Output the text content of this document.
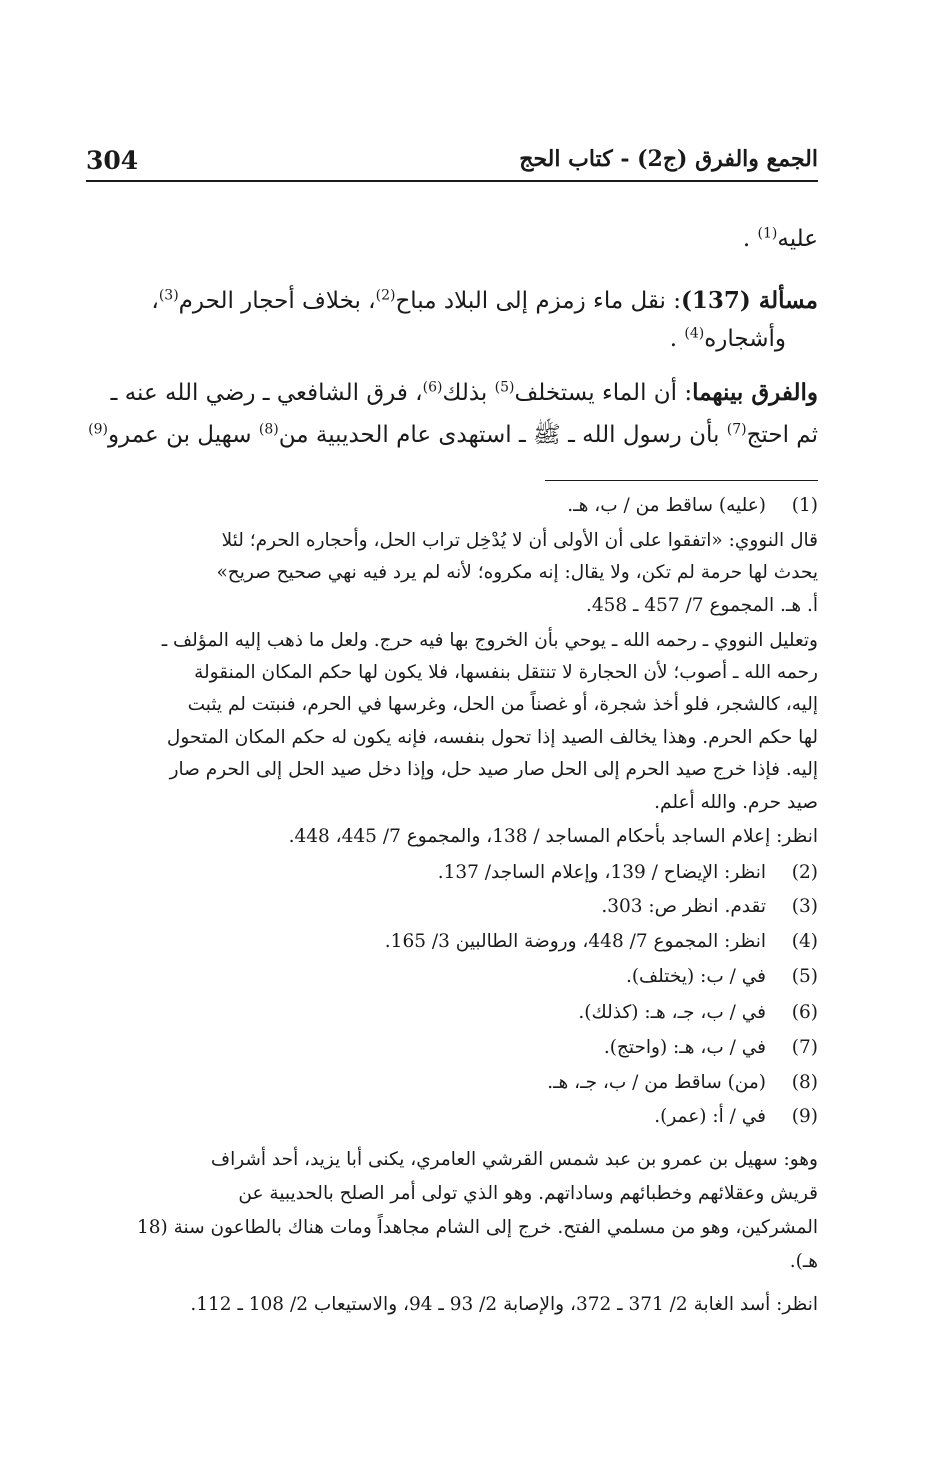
304	الجمع والفرق (ج2) - كتاب الحج
عليه$^{(1)}$ .
مسألة (137): نقل ماء زمزم إلى البلاد مباح$^{(2)}$، بخلاف أحجار الحرم$^{(3)}$،
وأشجاره$^{(4)}$ .
والفرق بينهما: أن الماء يستخلف$^{(5)}$ بذلك$^{(6)}$، فرق الشافعي ـ رضي الله عنه ـ
ثم احتج$^{(7)}$ بأن رسول الله ـ ﷺ ـ استهدى عام الحديبية من$^{(8)}$ سهيل بن عمرو$^{(9)}$
(1)
(عليه) ساقط من / ب، هـ.
قال النووي: «اتفقوا على أن الأولى أن لا يُدْخِل تراب الحل، وأحجاره الحرم؛ لئلا
يحدث لها حرمة لم تكن، ولا يقال: إنه مكروه؛ لأنه لم يرد فيه نهي صحيح صريح»
أ. هـ. المجموع 7/ 457 ـ 458.
وتعليل النووي ـ رحمه الله ـ يوحي بأن الخروج بها فيه حرج. ولعل ما ذهب إليه المؤلف ـ
رحمه الله ـ أصوب؛ لأن الحجارة لا تنتقل بنفسها، فلا يكون لها حكم المكان المنقولة
إليه، كالشجر، فلو أخذ شجرة، أو غصناً من الحل، وغرسها في الحرم، فنبتت لم يثبت
لها حكم الحرم. وهذا يخالف الصيد إذا تحول بنفسه، فإنه يكون له حكم المكان المتحول
إليه. فإذا خرج صيد الحرم إلى الحل صار صيد حل، وإذا دخل صيد الحل إلى الحرم صار
صيد حرم. والله أعلم.
انظر: إعلام الساجد بأحكام المساجد / 138، والمجموع 7/ 445، 448.
(2)
انظر: الإيضاح / 139، وإعلام الساجد/ 137.
(3)
تقدم. انظر ص: 303.
(4)
انظر: المجموع 7/ 448، وروضة الطالبين 3/ 165.
(5)
في / ب: (يختلف).
(6)
في / ب، جـ، هـ: (كذلك).
(7)
في / ب، هـ: (واحتج).
(8)
(من) ساقط من / ب، جـ، هـ.
(9)
في / أ: (عمر).
وهو: سهيل بن عمرو بن عبد شمس القرشي العامري، يكنى أبا يزيد، أحد أشراف
قريش وعقلائهم وخطبائهم وساداتهم. وهو الذي تولى أمر الصلح بالحديبية عن
المشركين، وهو من مسلمي الفتح. خرج إلى الشام مجاهداً ومات هناك بالطاعون سنة (18
هـ).
انظر: أسد الغابة 2/ 371 ـ 372، والإصابة 2/ 93 ـ 94، والاستيعاب 2/ 108 ـ 112.
